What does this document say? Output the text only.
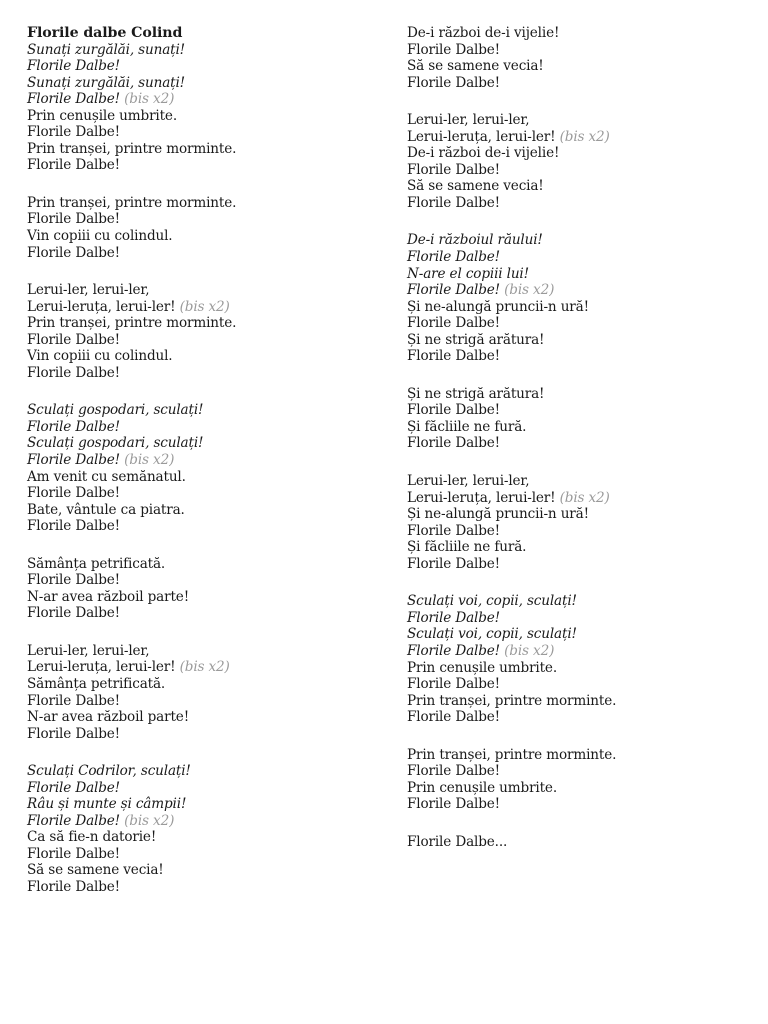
Florile dalbe Colind
Sunați zurgălăi, sunați!
Florile Dalbe!
Sunați zurgălăi, sunați!
Florile Dalbe! (bis x2)
Prin cenușile umbrite.
Florile Dalbe!
Prin tranșei, printre morminte.
Florile Dalbe!
Prin tranșei, printre morminte.
Florile Dalbe!
Vin copiii cu colindul.
Florile Dalbe!
Lerui-ler, lerui-ler,
Lerui-leruța, lerui-ler! (bis x2)
Prin tranșei, printre morminte.
Florile Dalbe!
Vin copiii cu colindul.
Florile Dalbe!
Sculați gospodari, sculați!
Florile Dalbe!
Sculați gospodari, sculați!
Florile Dalbe! (bis x2)
Am venit cu semănatul.
Florile Dalbe!
Bate, vântule ca piatra.
Florile Dalbe!
Sămânța petrificată.
Florile Dalbe!
N-ar avea războil parte!
Florile Dalbe!
Lerui-ler, lerui-ler,
Lerui-leruța, lerui-ler! (bis x2)
Sămânța petrificată.
Florile Dalbe!
N-ar avea războil parte!
Florile Dalbe!
Sculați Codrilor, sculați!
Florile Dalbe!
Râu și munte și câmpii!
Florile Dalbe! (bis x2)
Ca să fie-n datorie!
Florile Dalbe!
Să se samene vecia!
Florile Dalbe!
De-i război de-i vijelie!
Florile Dalbe!
Să se samene vecia!
Florile Dalbe!
Lerui-ler, lerui-ler,
Lerui-leruța, lerui-ler! (bis x2)
De-i război de-i vijelie!
Florile Dalbe!
Să se samene vecia!
Florile Dalbe!
De-i războiul răului!
Florile Dalbe!
N-are el copiii lui!
Florile Dalbe! (bis x2)
Și ne-alungă pruncii-n ură!
Florile Dalbe!
Și ne strigă arătura!
Florile Dalbe!
Și ne strigă arătura!
Florile Dalbe!
Și făcliile ne fură.
Florile Dalbe!
Lerui-ler, lerui-ler,
Lerui-leruța, lerui-ler! (bis x2)
Și ne-alungă pruncii-n ură!
Florile Dalbe!
Și făcliile ne fură.
Florile Dalbe!
Sculați voi, copii, sculați!
Florile Dalbe!
Sculați voi, copii, sculați!
Florile Dalbe! (bis x2)
Prin cenușile umbrite.
Florile Dalbe!
Prin tranșei, printre morminte.
Florile Dalbe!
Prin tranșei, printre morminte.
Florile Dalbe!
Prin cenușile umbrite.
Florile Dalbe!
Florile Dalbe...
